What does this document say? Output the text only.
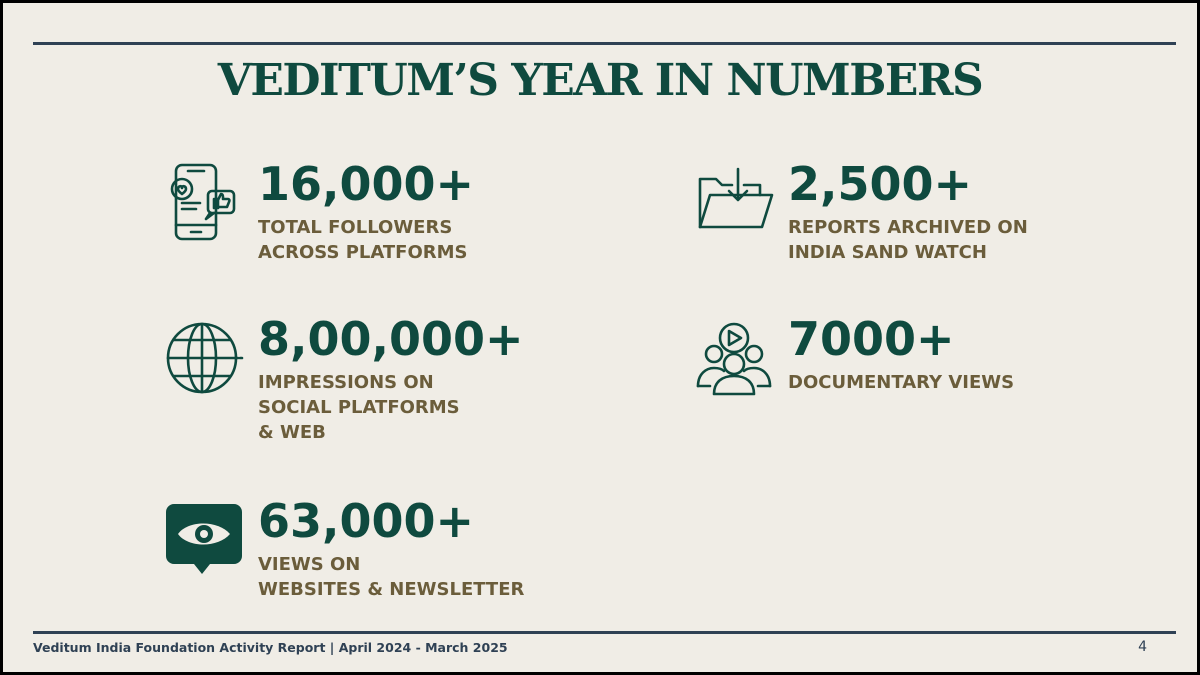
VEDITUM’S YEAR IN NUMBERS
16,000+
TOTAL FOLLOWERS
ACROSS PLATFORMS
2,500+
REPORTS ARCHIVED ON
INDIA SAND WATCH
8,00,000+
IMPRESSIONS ON
SOCIAL PLATFORMS
& WEB
7000+
DOCUMENTARY VIEWS
63,000+
VIEWS ON
WEBSITES & NEWSLETTER
Veditum India Foundation Activity Report | April 2024 - March 2025	4
